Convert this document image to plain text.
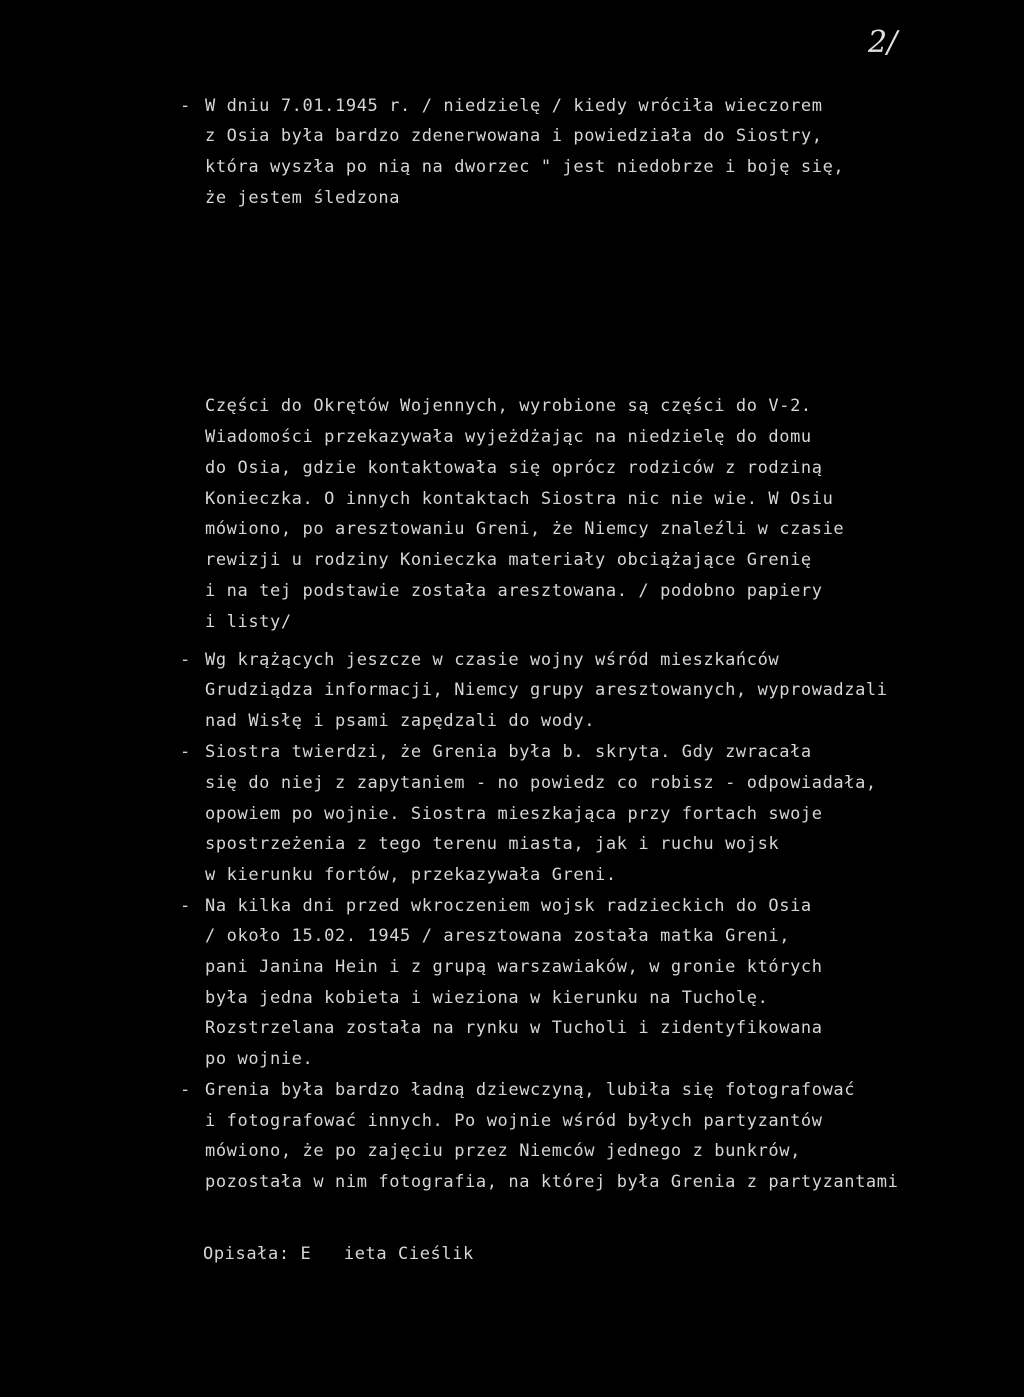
2/
- W dniu 7.01.1945 r. / niedzielę / kiedy wróciła wieczorem
z Osia była bardzo zdenerwowana i powiedziała do Siostry,
która wyszła po nią na dworzec " jest niedobrze i boję się,
że jestem śledzona
Części do Okrętów Wojennych, wyrobione są części do V-2.
Wiadomości przekazywała wyjeżdżając na niedzielę do domu
do Osia, gdzie kontaktowała się oprócz rodziców z rodziną
Konieczka. O innych kontaktach Siostra nic nie wie. W Osiu
mówiono, po aresztowaniu Greni, że Niemcy znaleźli w czasie
rewizji u rodziny Konieczka materiały obciążające Grenię
i na tej podstawie została aresztowana. / podobno papiery
i listy/
- Wg krążących jeszcze w czasie wojny wśród mieszkańców
Grudziądza informacji, Niemcy grupy aresztowanych, wyprowadzali
nad Wisłę i psami zapędzali do wody.
- Siostra twierdzi, że Grenia była b. skryta. Gdy zwracała
się do niej z zapytaniem - no powiedz co robisz - odpowiadała,
opowiem po wojnie. Siostra mieszkająca przy fortach swoje
spostrzeżenia z tego terenu miasta, jak i ruchu wojsk
w kierunku fortów, przekazywała Greni.
- Na kilka dni przed wkroczeniem wojsk radzieckich do Osia
/ około 15.02. 1945 / aresztowana została matka Greni,
pani Janina Hein i z grupą warszawiaków, w gronie których
była jedna kobieta i wieziona w kierunku na Tucholę.
Rozstrzelana została na rynku w Tucholi i zidentyfikowana
po wojnie.
- Grenia była bardzo ładną dziewczyną, lubiła się fotografować
i fotografować innych. Po wojnie wśród byłych partyzantów
mówiono, że po zajęciu przez Niemców jednego z bunkrów,
pozostała w nim fotografia, na której była Grenia z partyzantami
Opisała: E   ieta Cieślik
